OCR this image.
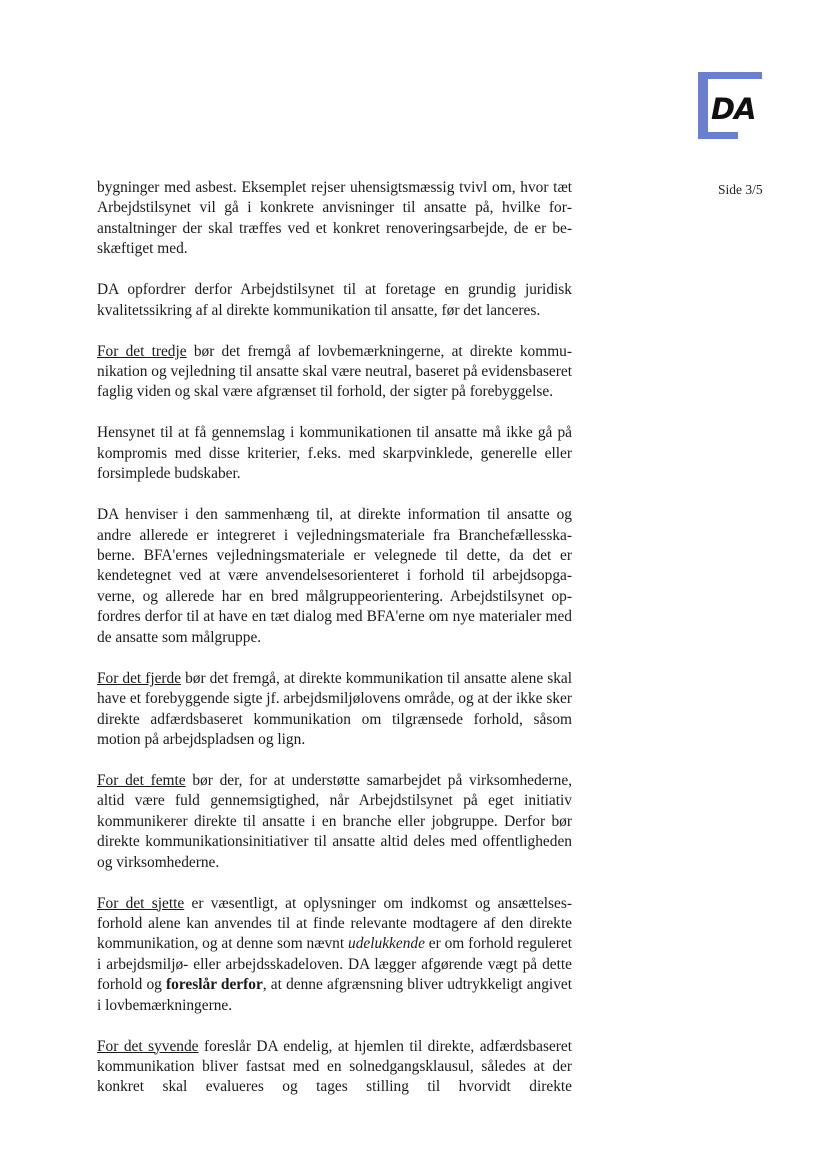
DA
Side 3/5

bygninger med asbest. Eksemplet rejser uhensigtsmæssig tvivl om, hvor tæt Arbejdstilsynet vil gå i konkrete anvisninger til ansatte på, hvilke foranstaltninger der skal træffes ved et konkret renoveringsarbejde, de er beskæftiget med.

DA opfordrer derfor Arbejdstilsynet til at foretage en grundig juridisk kvalitetssikring af al direkte kommunikation til ansatte, før det lanceres.

For det tredje bør det fremgå af lovbemærkningerne, at direkte kommunikation og vejledning til ansatte skal være neutral, baseret på evidensbaseret faglig viden og skal være afgrænset til forhold, der sigter på forebyggelse.

Hensynet til at få gennemslag i kommunikationen til ansatte må ikke gå på kompromis med disse kriterier, f.eks. med skarpvinklede, generelle eller forsimplede budskaber.

DA henviser i den sammenhæng til, at direkte information til ansatte og andre allerede er integreret i vejledningsmateriale fra Branchefællesskaberne. BFA'ernes vejledningsmateriale er velegnede til dette, da det er kendetegnet ved at være anvendelsesorienteret i forhold til arbejdsopgaverne, og allerede har en bred målgruppeorientering. Arbejdstilsynet opfordres derfor til at have en tæt dialog med BFA'erne om nye materialer med de ansatte som målgruppe.

For det fjerde bør det fremgå, at direkte kommunikation til ansatte alene skal have et forebyggende sigte jf. arbejdsmiljølovens område, og at der ikke sker direkte adfærdsbaseret kommunikation om tilgrænsede forhold, såsom motion på arbejdspladsen og lign.

For det femte bør der, for at understøtte samarbejdet på virksomhederne, altid være fuld gennemsigtighed, når Arbejdstilsynet på eget initiativ kommunikerer direkte til ansatte i en branche eller jobgruppe. Derfor bør direkte kommunikationsinitiativer til ansatte altid deles med offentligheden og virksomhederne.

For det sjette er væsentligt, at oplysninger om indkomst og ansættelsesforhold alene kan anvendes til at finde relevante modtagere af den direkte kommunikation, og at denne som nævnt udelukkende er om forhold reguleret i arbejdsmiljø- eller arbejdsskadeloven. DA lægger afgørende vægt på dette forhold og foreslår derfor, at denne afgrænsning bliver udtrykkeligt angivet i lovbemærkningerne.

For det syvende foreslår DA endelig, at hjemlen til direkte, adfærdsbaseret kommunikation bliver fastsat med en solnedgangsklausul, således at der konkret skal evalueres og tages stilling til hvorvidt direkte
